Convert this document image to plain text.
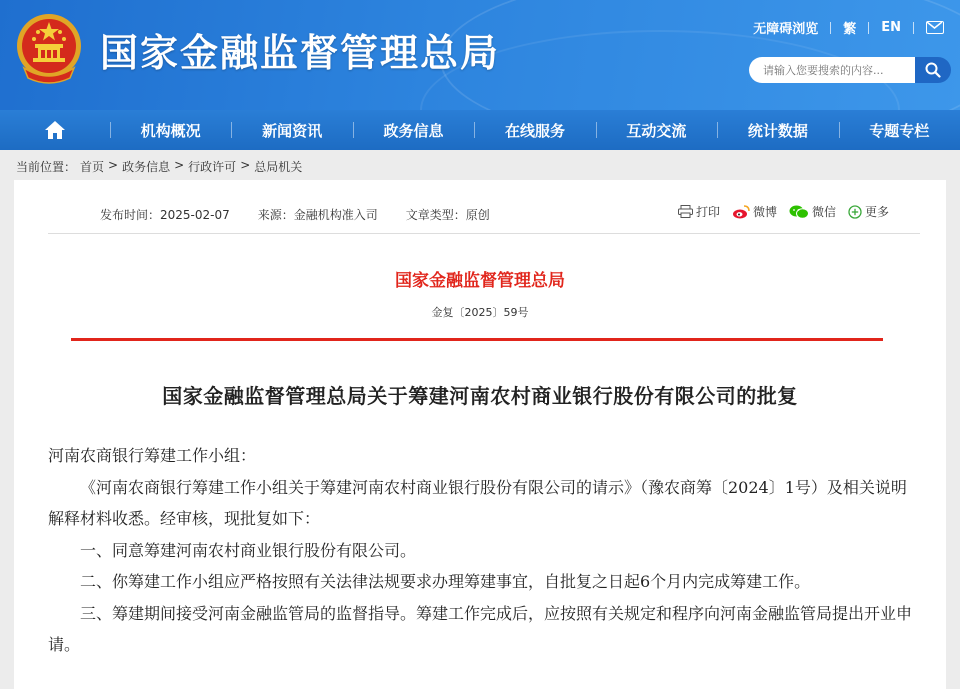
国家金融监督管理总局
无障碍浏览 繁 EN
请输入您要搜索的内容...
机构概况	新闻资讯	政务信息	在线服务	互动交流	统计数据	专题专栏
当前位置： 首页 > 政务信息 > 行政许可 > 总局机关
发布时间：2025-02-07 来源：金融机构准入司 文章类型：原创	打印	微博	微信 更多
国家金融监督管理总局
金复〔2025〕59号
国家金融监督管理总局关于筹建河南农村商业银行股份有限公司的批复

河南农商银行筹建工作小组：

《河南农商银行筹建工作小组关于筹建河南农村商业银行股份有限公司的请示》（豫农商筹〔2024〕1号）及相关说明解释材料收悉。经审核，现批复如下：

一、同意筹建河南农村商业银行股份有限公司。

二、你筹建工作小组应严格按照有关法律法规要求办理筹建事宜，自批复之日起6个月内完成筹建工作。

三、筹建期间接受河南金融监管局的监督指导。筹建工作完成后，应按照有关规定和程序向河南金融监管局提出开业申请。
